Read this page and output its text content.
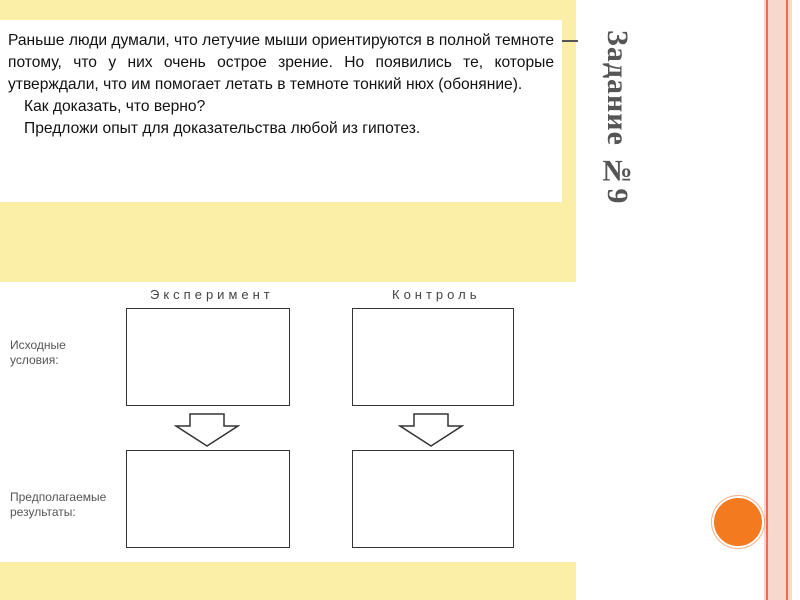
Раньше люди думали, что летучие мыши ориентируются в полной темноте потому, что у них очень острое зрение. Но появились те, которые утверждали, что им помогает летать в темноте тонкий нюх (обоняние).

Как доказать, что верно?

Предложи опыт для доказательства любой из гипотез.

Эксперимент	Контроль
Исходные
условия:
Предполагаемые
результаты:
Задание №9
